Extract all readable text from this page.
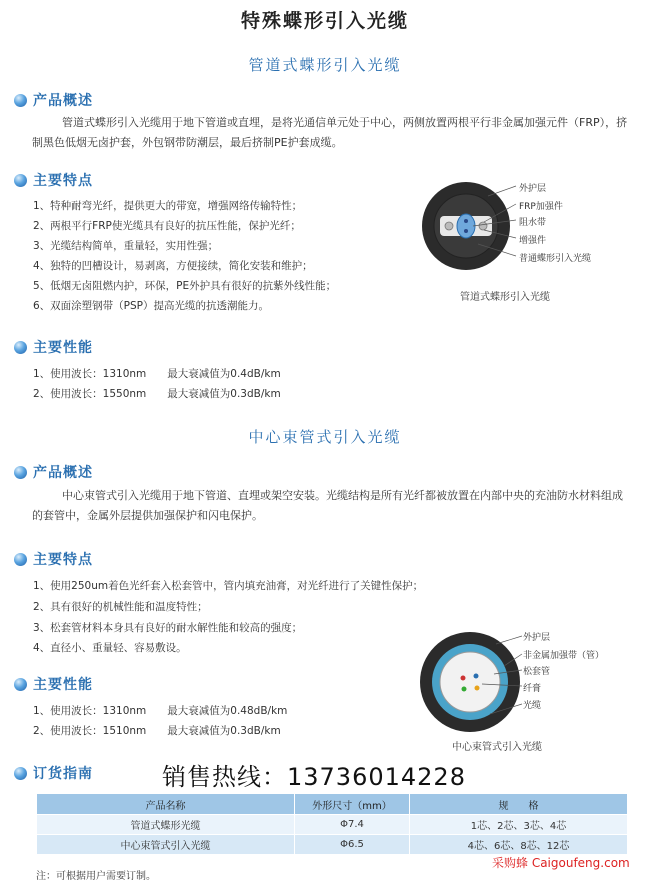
特殊蝶形引入光缆
管道式蝶形引入光缆
产品概述
管道式蝶形引入光缆用于地下管道或直埋，是将光通信单元处于中心，两侧放置两根平行非金属加强元件（FRP），挤制黑色低烟无卤护套，外包钢带防潮层，最后挤制PE护套成缆。
主要特点
1、特种耐弯光纤，提供更大的带宽，增强网络传输特性；
2、两根平行FRP使光缆具有良好的抗压性能，保护光纤；
3、光缆结构简单，重量轻，实用性强；
4、独特的凹槽设计，易剥离，方便接续，简化安装和维护；
5、低烟无卤阻燃内护，环保，PE外护具有很好的抗紫外线性能；
6、双面涂塑钢带（PSP）提高光缆的抗透潮能力。
外护层
FRP加强件
阻水带
增强件
普通蝶形引入光缆
管道式蝶形引入光缆
主要性能
1、使用波长：1310nm　　最大衰减值为0.4dB/km
2、使用波长：1550nm　　最大衰减值为0.3dB/km
中心束管式引入光缆
产品概述
中心束管式引入光缆用于地下管道、直埋或架空安装。光缆结构是所有光纤都被放置在内部中央的充油防水材料组成的套管中，金属外层提供加强保护和闪电保护。
主要特点
1、使用250um着色光纤套入松套管中，管内填充油膏，对光纤进行了关键性保护；
2、具有很好的机械性能和温度特性；
3、松套管材料本身具有良好的耐水解性能和较高的强度；
4、直径小、重量轻、容易敷设。
外护层
非金属加强带（管）
松套管
纤膏
光缆
中心束管式引入光缆
主要性能
1、使用波长：1310nm　　最大衰减值为0.48dB/km
2、使用波长：1510nm　　最大衰减值为0.3dB/km
订货指南	销售热线：13736014228
产品名称	外形尺寸（mm）	规　　格
管道式蝶形光缆	Φ7.4	1芯、2芯、3芯、4芯
中心束管式引入光缆	Φ6.5	4芯、6芯、8芯、12芯
注：可根据用户需要订制。
采购蜂 Caigoufeng.com
